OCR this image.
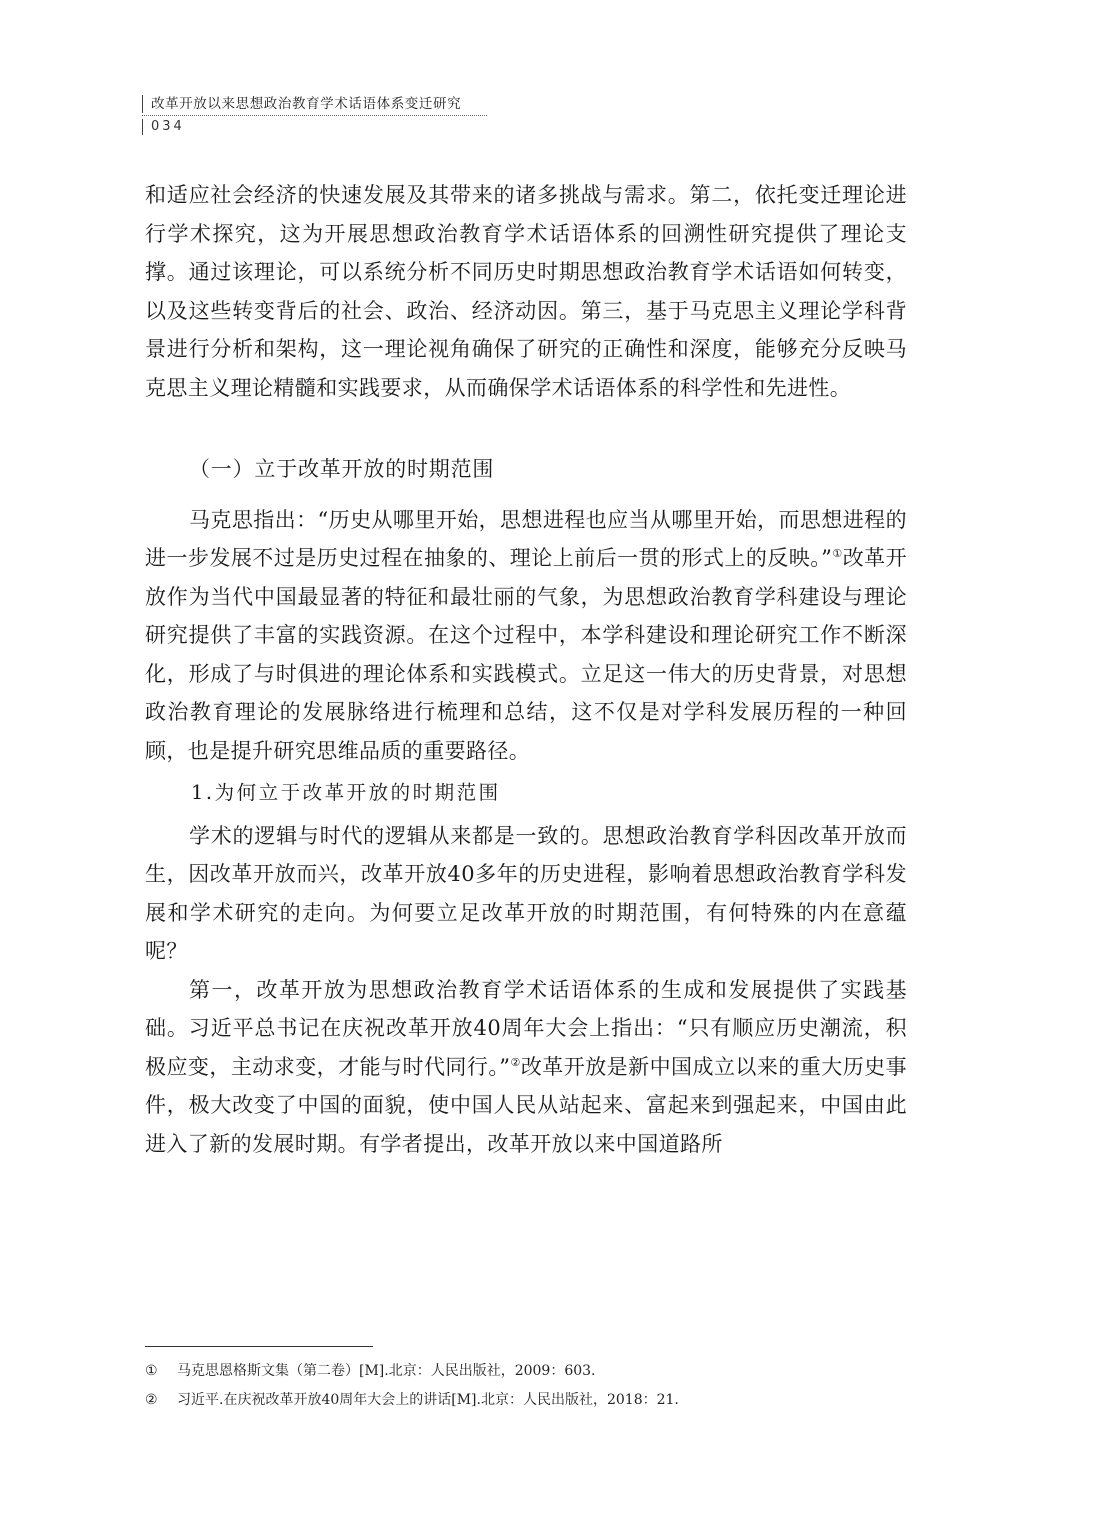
改革开放以来思想政治教育学术话语体系变迁研究
034

和适应社会经济的快速发展及其带来的诸多挑战与需求。第二，依托变迁理论进行学术探究，这为开展思想政治教育学术话语体系的回溯性研究提供了理论支撑。通过该理论，可以系统分析不同历史时期思想政治教育学术话语如何转变，以及这些转变背后的社会、政治、经济动因。第三，基于马克思主义理论学科背景进行分析和架构，这一理论视角确保了研究的正确性和深度，能够充分反映马克思主义理论精髓和实践要求，从而确保学术话语体系的科学性和先进性。

（一）立于改革开放的时期范围

马克思指出：“历史从哪里开始，思想进程也应当从哪里开始，而思想进程的进一步发展不过是历史过程在抽象的、理论上前后一贯的形式上的反映。”①改革开放作为当代中国最显著的特征和最壮丽的气象，为思想政治教育学科建设与理论研究提供了丰富的实践资源。在这个过程中，本学科建设和理论研究工作不断深化，形成了与时俱进的理论体系和实践模式。立足这一伟大的历史背景，对思想政治教育理论的发展脉络进行梳理和总结，这不仅是对学科发展历程的一种回顾，也是提升研究思维品质的重要路径。

1.为何立于改革开放的时期范围

学术的逻辑与时代的逻辑从来都是一致的。思想政治教育学科因改革开放而生，因改革开放而兴，改革开放40多年的历史进程，影响着思想政治教育学科发展和学术研究的走向。为何要立足改革开放的时期范围，有何特殊的内在意蕴呢？

第一，改革开放为思想政治教育学术话语体系的生成和发展提供了实践基础。习近平总书记在庆祝改革开放40周年大会上指出：“只有顺应历史潮流，积极应变，主动求变，才能与时代同行。”②改革开放是新中国成立以来的重大历史事件，极大改变了中国的面貌，使中国人民从站起来、富起来到强起来，中国由此进入了新的发展时期。有学者提出，改革开放以来中国道路所

① 马克思恩格斯文集（第二卷）[M].北京：人民出版社，2009：603.

② 习近平.在庆祝改革开放40周年大会上的讲话[M].北京：人民出版社，2018：21.
